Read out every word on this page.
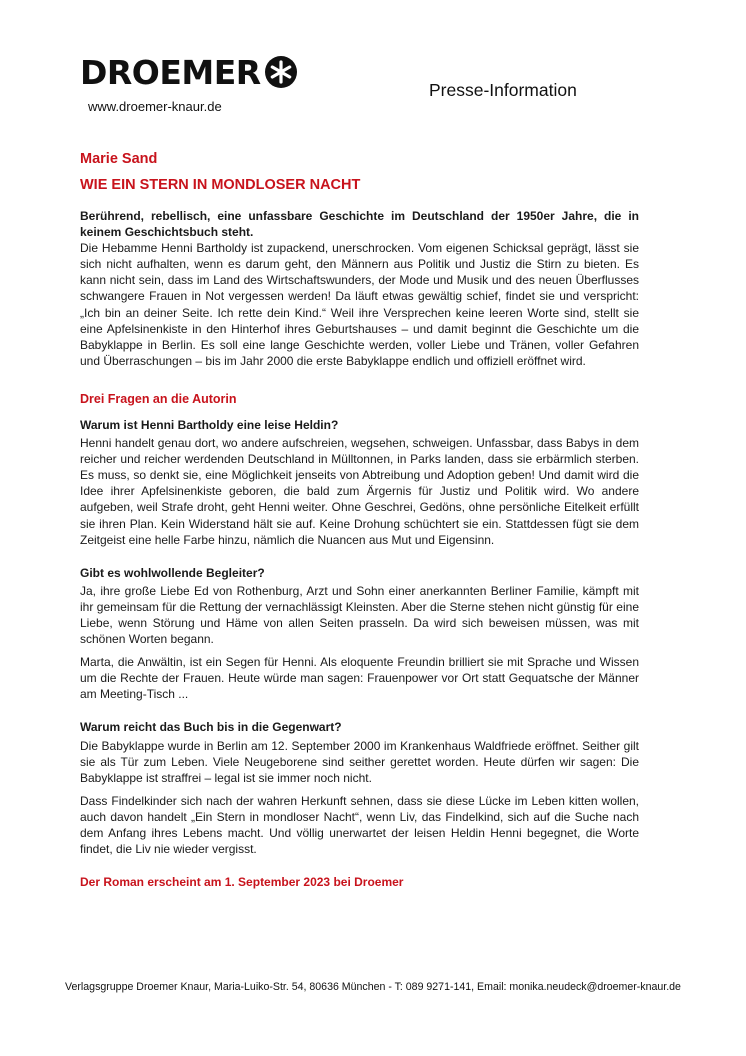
DROEMER
www.droemer-knaur.de
Presse-Information

Marie Sand

WIE EIN STERN IN MONDLOSER NACHT

Berührend, rebellisch, eine unfassbare Geschichte im Deutschland der 1950er Jahre, die in keinem Geschichtsbuch steht.

Die Hebamme Henni Bartholdy ist zupackend, unerschrocken. Vom eigenen Schicksal geprägt, lässt sie sich nicht aufhalten, wenn es darum geht, den Männern aus Politik und Justiz die Stirn zu bieten. Es kann nicht sein, dass im Land des Wirtschaftswunders, der Mode und Musik und des neuen Überflusses schwangere Frauen in Not vergessen werden! Da läuft etwas gewältig schief, findet sie und verspricht: „Ich bin an deiner Seite. Ich rette dein Kind.“ Weil ihre Versprechen keine leeren Worte sind, stellt sie eine Apfelsinenkiste in den Hinterhof ihres Geburtshauses – und damit beginnt die Geschichte um die Babyklappe in Berlin. Es soll eine lange Geschichte werden, voller Liebe und Tränen, voller Gefahren und Überraschungen – bis im Jahr 2000 die erste Babyklappe endlich und offiziell eröffnet wird.

Drei Fragen an die Autorin

Warum ist Henni Bartholdy eine leise Heldin?

Henni handelt genau dort, wo andere aufschreien, wegsehen, schweigen. Unfassbar, dass Babys in dem reicher und reicher werdenden Deutschland in Mülltonnen, in Parks landen, dass sie erbärmlich sterben. Es muss, so denkt sie, eine Möglichkeit jenseits von Abtreibung und Adoption geben! Und damit wird die Idee ihrer Apfelsinenkiste geboren, die bald zum Ärgernis für Justiz und Politik wird. Wo andere aufgeben, weil Strafe droht, geht Henni weiter. Ohne Geschrei, Gedöns, ohne persönliche Eitelkeit erfüllt sie ihren Plan. Kein Widerstand hält sie auf. Keine Drohung schüchtert sie ein. Stattdessen fügt sie dem Zeitgeist eine helle Farbe hinzu, nämlich die Nuancen aus Mut und Eigensinn.

Gibt es wohlwollende Begleiter?

Ja, ihre große Liebe Ed von Rothenburg, Arzt und Sohn einer anerkannten Berliner Familie, kämpft mit ihr gemeinsam für die Rettung der vernachlässigt Kleinsten. Aber die Sterne stehen nicht günstig für eine Liebe, wenn Störung und Häme von allen Seiten prasseln. Da wird sich beweisen müssen, was mit schönen Worten begann.

Marta, die Anwältin, ist ein Segen für Henni. Als eloquente Freundin brilliert sie mit Sprache und Wissen um die Rechte der Frauen. Heute würde man sagen: Frauenpower vor Ort statt Gequatsche der Männer am Meeting-Tisch ...

Warum reicht das Buch bis in die Gegenwart?

Die Babyklappe wurde in Berlin am 12. September 2000 im Krankenhaus Waldfriede eröffnet. Seither gilt sie als Tür zum Leben. Viele Neugeborene sind seither gerettet worden. Heute dürfen wir sagen: Die Babyklappe ist straffrei – legal ist sie immer noch nicht.

Dass Findelkinder sich nach der wahren Herkunft sehnen, dass sie diese Lücke im Leben kitten wollen, auch davon handelt „Ein Stern in mondloser Nacht“, wenn Liv, das Findelkind, sich auf die Suche nach dem Anfang ihres Lebens macht. Und völlig unerwartet der leisen Heldin Henni begegnet, die Worte findet, die Liv nie wieder vergisst.

Der Roman erscheint am 1. September 2023 bei Droemer

Verlagsgruppe Droemer Knaur, Maria-Luiko-Str. 54, 80636 München - T: 089 9271-141, Email: monika.neudeck@droemer-knaur.de
